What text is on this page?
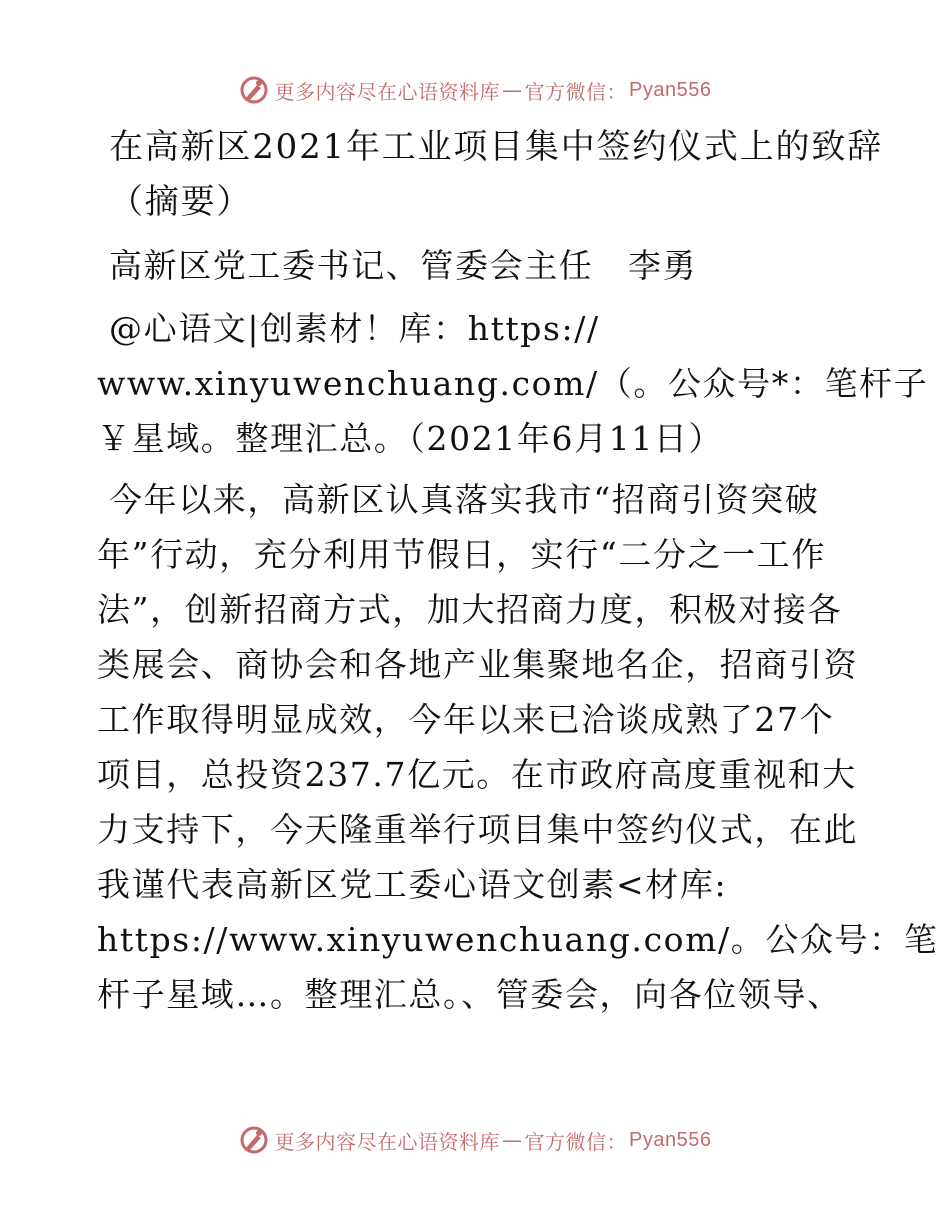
更多内容尽在心语资料库 — 官方微信： Pyan556
在高新区2021年工业项目集中签约仪式上的致辞
（摘要）
高新区党工委书记、管委会主任　李勇
@心语文|创素材！库：https://
www.xinyuwenchuang.com/（。公众号*：笔杆子
￥星域。整理汇总。（2021年6月11日）
今年以来，高新区认真落实我市“招商引资突破
年”行动，充分利用节假日，实行“二分之一工作
法”，创新招商方式，加大招商力度，积极对接各
类展会、商协会和各地产业集聚地名企，招商引资
工作取得明显成效，今年以来已洽谈成熟了27个
项目，总投资237.7亿元。在市政府高度重视和大
力支持下，今天隆重举行项目集中签约仪式，在此
我谨代表高新区党工委心语文创素<材库:
https://www.xinyuwenchuang.com/。公众号：笔
杆子星域…。整理汇总。、管委会，向各位领导、
更多内容尽在心语资料库 — 官方微信： Pyan556
